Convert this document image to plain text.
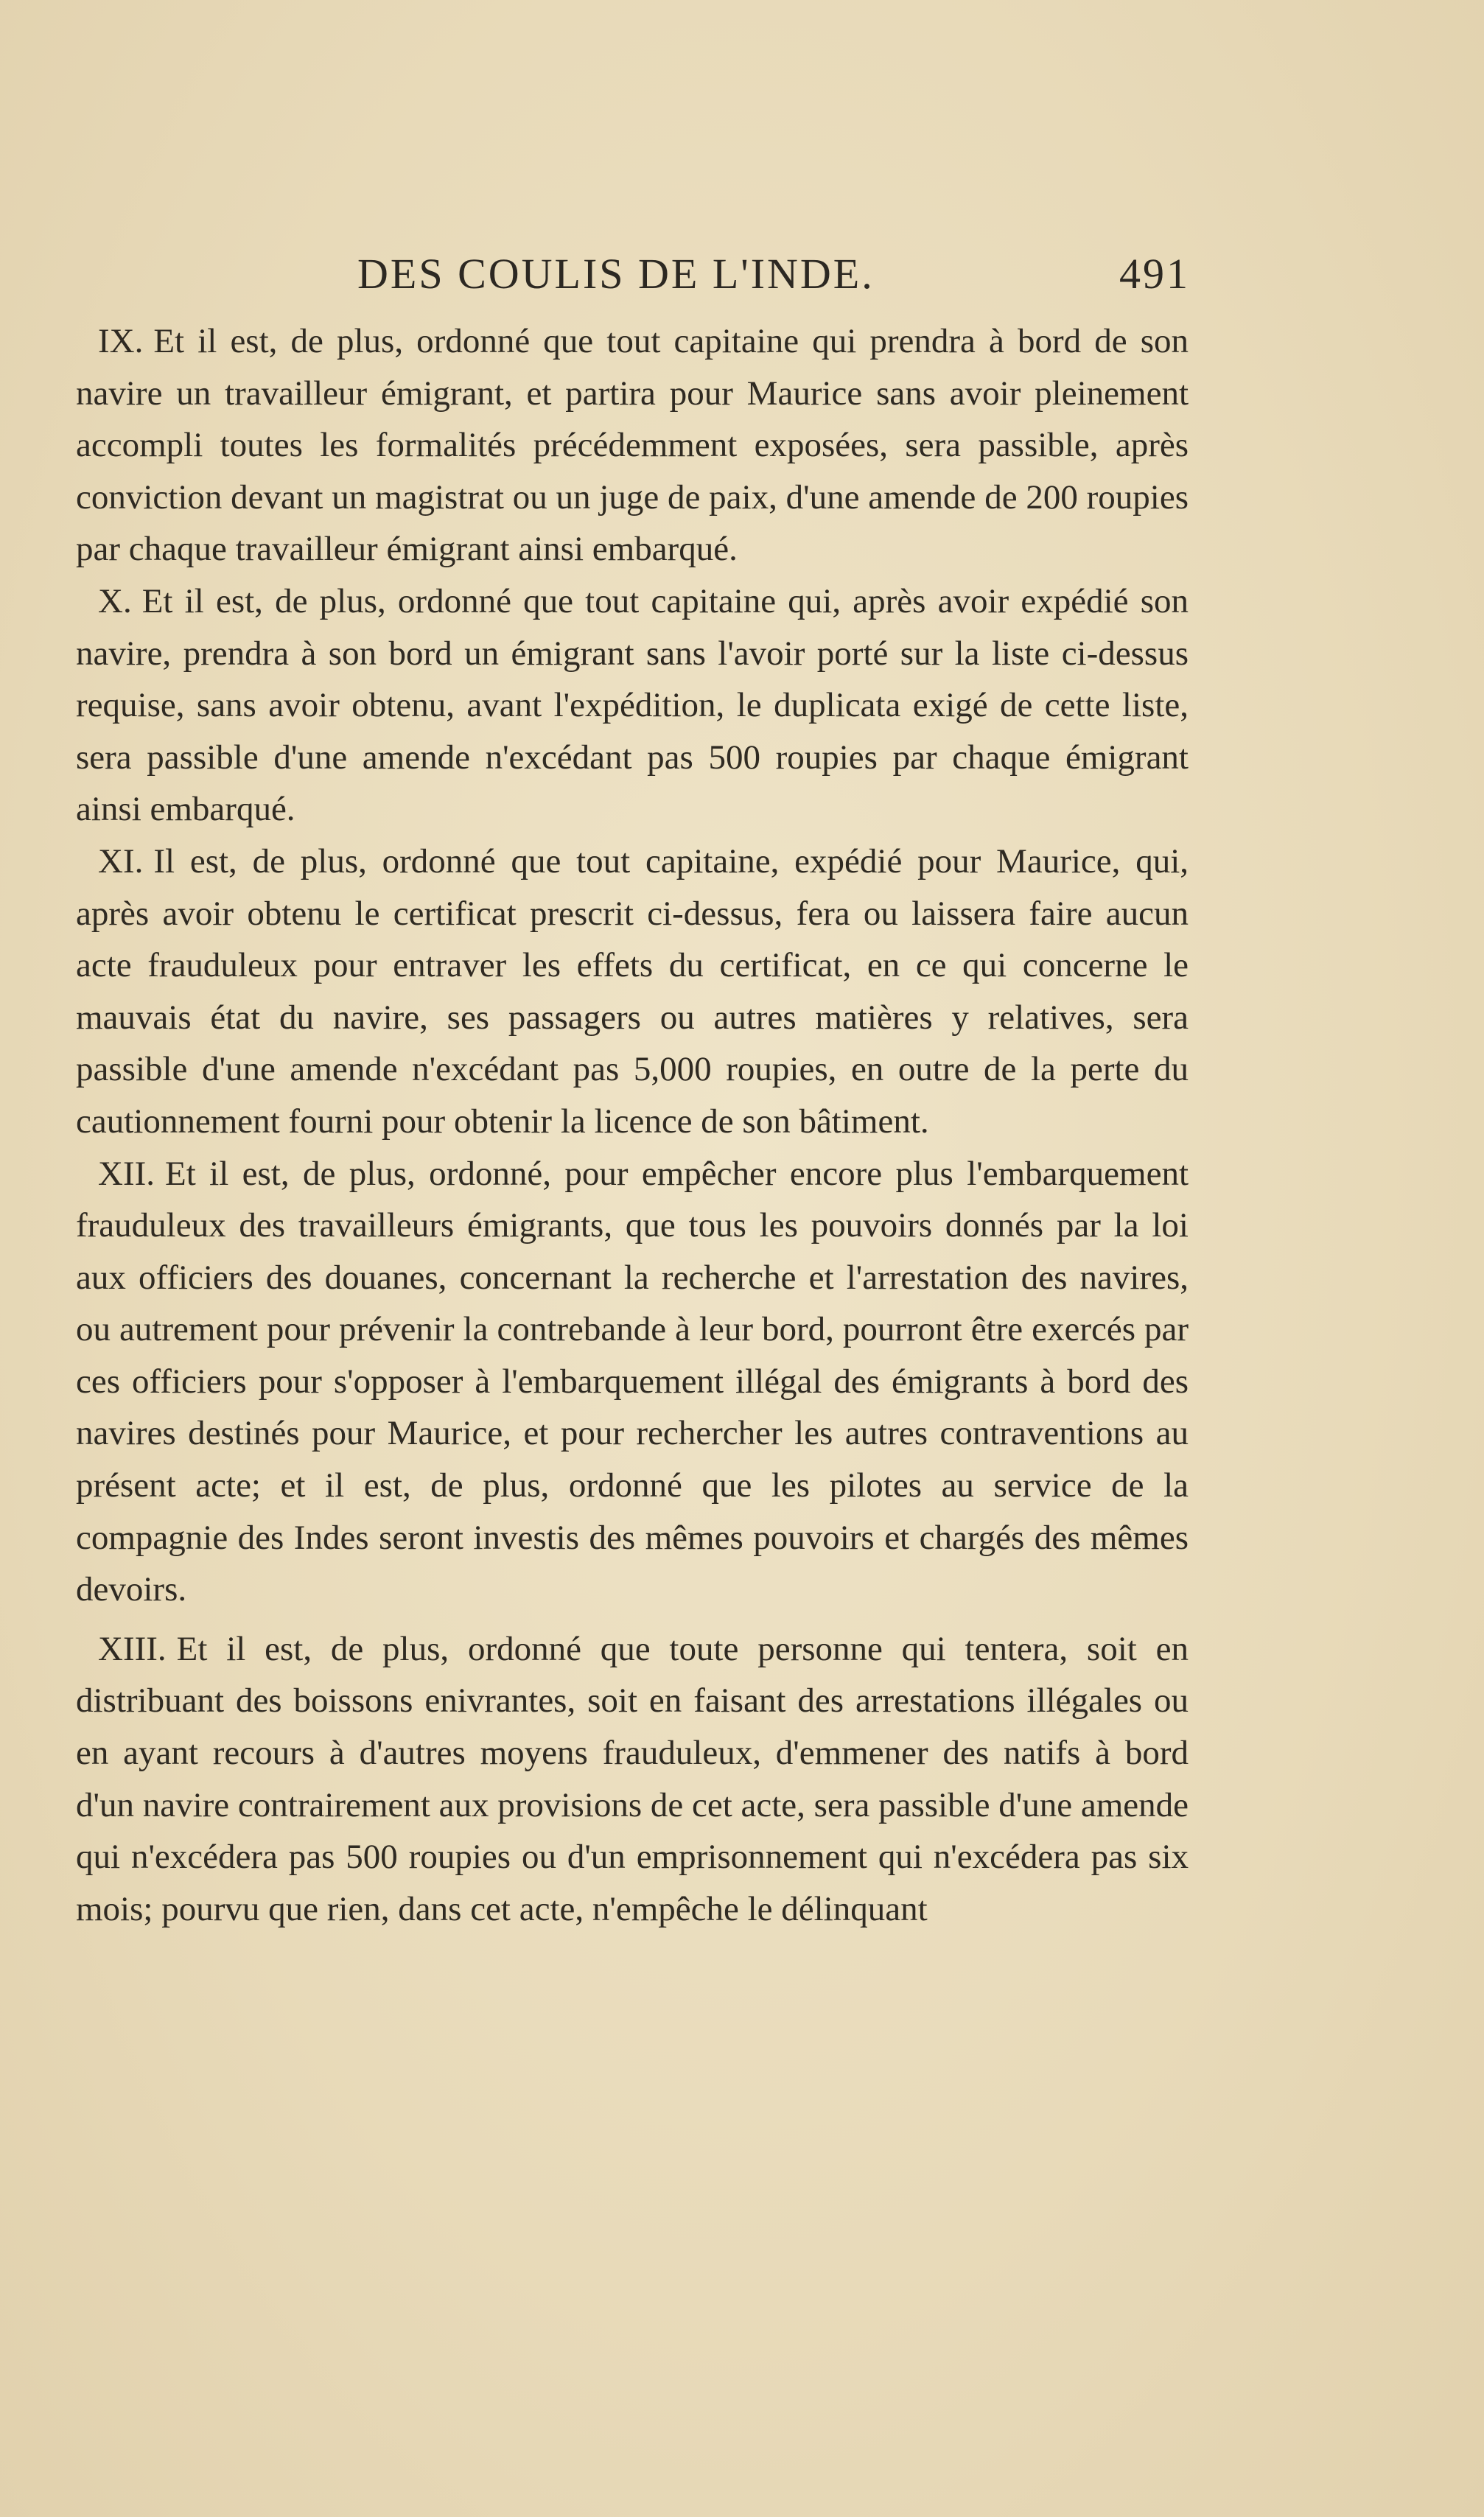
DES COULIS DE L'INDE.	491

IX. Et il est, de plus, ordonné que tout capitaine qui prendra à bord de son navire un travailleur émigrant, et partira pour Maurice sans avoir pleinement accompli toutes les formalités précédemment exposées, sera passible, après conviction devant un magistrat ou un juge de paix, d'une amende de 200 roupies par chaque travailleur émigrant ainsi embarqué.

X. Et il est, de plus, ordonné que tout capitaine qui, après avoir expédié son navire, prendra à son bord un émigrant sans l'avoir porté sur la liste ci-dessus requise, sans avoir obtenu, avant l'expédition, le duplicata exigé de cette liste, sera passible d'une amende n'excédant pas 500 roupies par chaque émigrant ainsi embarqué.

XI. Il est, de plus, ordonné que tout capitaine, expédié pour Maurice, qui, après avoir obtenu le certificat prescrit ci-dessus, fera ou laissera faire aucun acte frauduleux pour entraver les effets du certificat, en ce qui concerne le mauvais état du navire, ses passagers ou autres matières y relatives, sera passible d'une amende n'excédant pas 5,000 roupies, en outre de la perte du cautionnement fourni pour obtenir la licence de son bâtiment.

XII. Et il est, de plus, ordonné, pour empêcher encore plus l'embarquement frauduleux des travailleurs émigrants, que tous les pouvoirs donnés par la loi aux officiers des douanes, concernant la recherche et l'arrestation des navires, ou autrement pour prévenir la contrebande à leur bord, pourront être exercés par ces officiers pour s'opposer à l'embarquement illégal des émigrants à bord des navires destinés pour Maurice, et pour rechercher les autres contraventions au présent acte; et il est, de plus, ordonné que les pilotes au service de la compagnie des Indes seront investis des mêmes pouvoirs et chargés des mêmes devoirs.

XIII. Et il est, de plus, ordonné que toute personne qui tentera, soit en distribuant des boissons enivrantes, soit en faisant des arrestations illégales ou en ayant recours à d'autres moyens frauduleux, d'emmener des natifs à bord d'un navire contrairement aux provisions de cet acte, sera passible d'une amende qui n'excédera pas 500 roupies ou d'un emprisonnement qui n'excédera pas six mois; pourvu que rien, dans cet acte, n'empêche le délinquant
